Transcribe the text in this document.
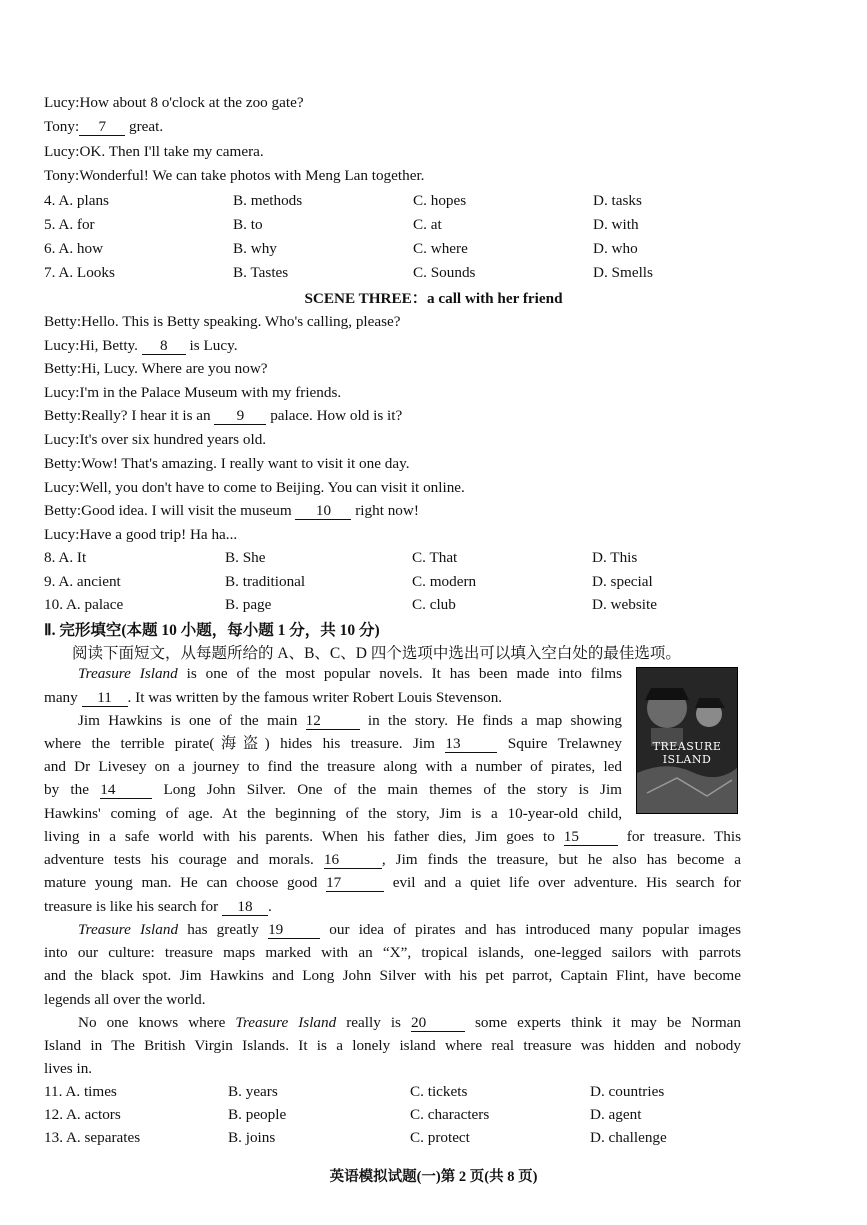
Lucy:How about 8 o'clock at the zoo gate?
Tony: 7 great.
Lucy:OK. Then I'll take my camera.
Tony:Wonderful! We can take photos with Meng Lan together.
4. A. plans	B. methods	C. hopes	D. tasks
5. A. for	B. to	C. at	D. with
6. A. how	B. why	C. where	D. who
7. A. Looks	B. Tastes	C. Sounds	D. Smells
SCENE THREE：a call with her friend
Betty:Hello. This is Betty speaking. Who's calling, please?
Lucy:Hi, Betty. 8 is Lucy.
Betty:Hi, Lucy. Where are you now?
Lucy:I'm in the Palace Museum with my friends.
Betty:Really? I hear it is an 9 palace. How old is it?
Lucy:It's over six hundred years old.
Betty:Wow! That's amazing. I really want to visit it one day.
Lucy:Well, you don't have to come to Beijing. You can visit it online.
Betty:Good idea. I will visit the museum 10 right now!
Lucy:Have a good trip! Ha ha...
8. A. It	B. She	C. That	D. This
9. A. ancient	B. traditional	C. modern	D. special
10. A. palace	B. page	C. club	D. website
Ⅱ. 完形填空(本题 10 小题，每小题 1 分，共 10 分)
阅读下面短文，从每题所给的 A、B、C、D 四个选项中选出可以填入空白处的最佳选项。
TREASURE ISLAND
Treasure Island is one of the most popular novels. It has been made into films
many 11 . It was written by the famous writer Robert Louis Stevenson.
Jim Hawkins is one of the main 12	in the story. He finds a map showing
where the terrible pirate(海盗) hides his treasure. Jim 13 Squire Trelawney
and Dr Livesey on a journey to find the treasure along with a number of pirates, led
by the 14 Long John Silver. One of the main themes of the story is Jim
Hawkins' coming of age. At the beginning of the story, Jim is a 10-year-old child,
living in a safe world with his parents. When his father dies, Jim goes to 15	for treasure. This
adventure tests his courage and morals. 16	, Jim finds the treasure, but he also has become a
mature young man. He can choose good 17	evil and a quiet life over adventure. His search for
treasure is like his search for 18 .
Treasure Island has greatly 19 our idea of pirates and has introduced many popular images
into our culture: treasure maps marked with an “X”, tropical islands, one-legged sailors with parrots
and the black spot. Jim Hawkins and Long John Silver with his pet parrot, Captain Flint, have become
legends all over the world.
No one knows where Treasure Island really is 20	some experts think it may be Norman
Island in The British Virgin Islands. It is a lonely island where real treasure was hidden and nobody
lives in.
11. A. times	B. years	C. tickets	D. countries
12. A. actors	B. people	C. characters	D. agent
13. A. separates	B. joins	C. protect	D. challenge
英语模拟试题(一)第 2 页(共 8 页)
